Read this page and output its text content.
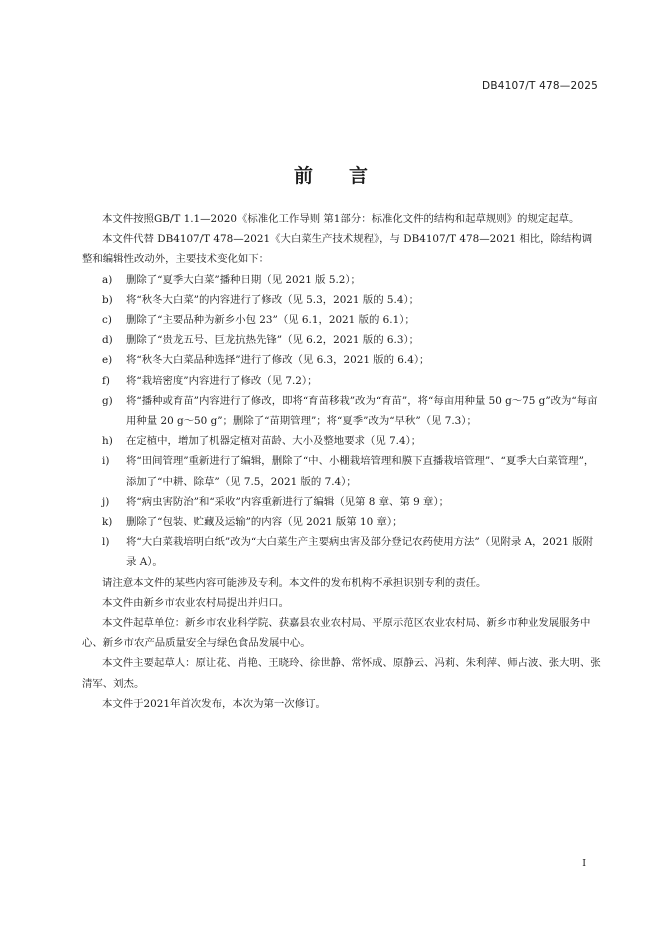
DB4107/T 478—2025
前 言

本文件按照GB/T 1.1—2020《标准化工作导则 第1部分：标准化文件的结构和起草规则》的规定起草。

本文件代替 DB4107/T 478—2021《大白菜生产技术规程》，与 DB4107/T 478—2021 相比，除结构调整和编辑性改动外，主要技术变化如下：

a)	删除了“夏季大白菜”播种日期（见 2021 版 5.2）；
b)	将“秋冬大白菜”的内容进行了修改（见 5.3，2021 版的 5.4）；
c)	删除了“主要品种为新乡小包 23”（见 6.1，2021 版的 6.1）；
d)	删除了“贵龙五号、巨龙抗热先锋”（见 6.2，2021 版的 6.3）；
e)	将“秋冬大白菜品种选择”进行了修改（见 6.3，2021 版的 6.4）；
f)	将“栽培密度”内容进行了修改（见 7.2）；
g)	将“播种或育苗”内容进行了修改，即将“育苗移栽”改为“育苗”，将“每亩用种量 50 g～75 g”改为“每亩用种量 20 g～50 g”；删除了“苗期管理”；将“夏季”改为“早秋”（见 7.3）；
h)	在定植中，增加了机器定植对苗龄、大小及整地要求（见 7.4）；
i)	将“田间管理”重新进行了编辑，删除了“中、小棚栽培管理和膜下直播栽培管理”、“夏季大白菜管理”，添加了“中耕、除草”（见 7.5，2021 版的 7.4）；
j)	将“病虫害防治”和“采收”内容重新进行了编辑（见第 8 章、第 9 章）；
k)	删除了“包装、贮藏及运输”的内容（见 2021 版第 10 章）；
l)	将“大白菜栽培明白纸”改为“大白菜生产主要病虫害及部分登记农药使用方法”（见附录 A，2021 版附录 A）。

请注意本文件的某些内容可能涉及专利。本文件的发布机构不承担识别专利的责任。

本文件由新乡市农业农村局提出并归口。

本文件起草单位：新乡市农业科学院、获嘉县农业农村局、平原示范区农业农村局、新乡市种业发展服务中心、新乡市农产品质量安全与绿色食品发展中心。

本文件主要起草人：原让花、肖艳、王晓玲、徐世静、常怀成、原静云、冯莉、朱利萍、师占波、张大明、张清军、刘杰。

本文件于2021年首次发布，本次为第一次修订。

I
